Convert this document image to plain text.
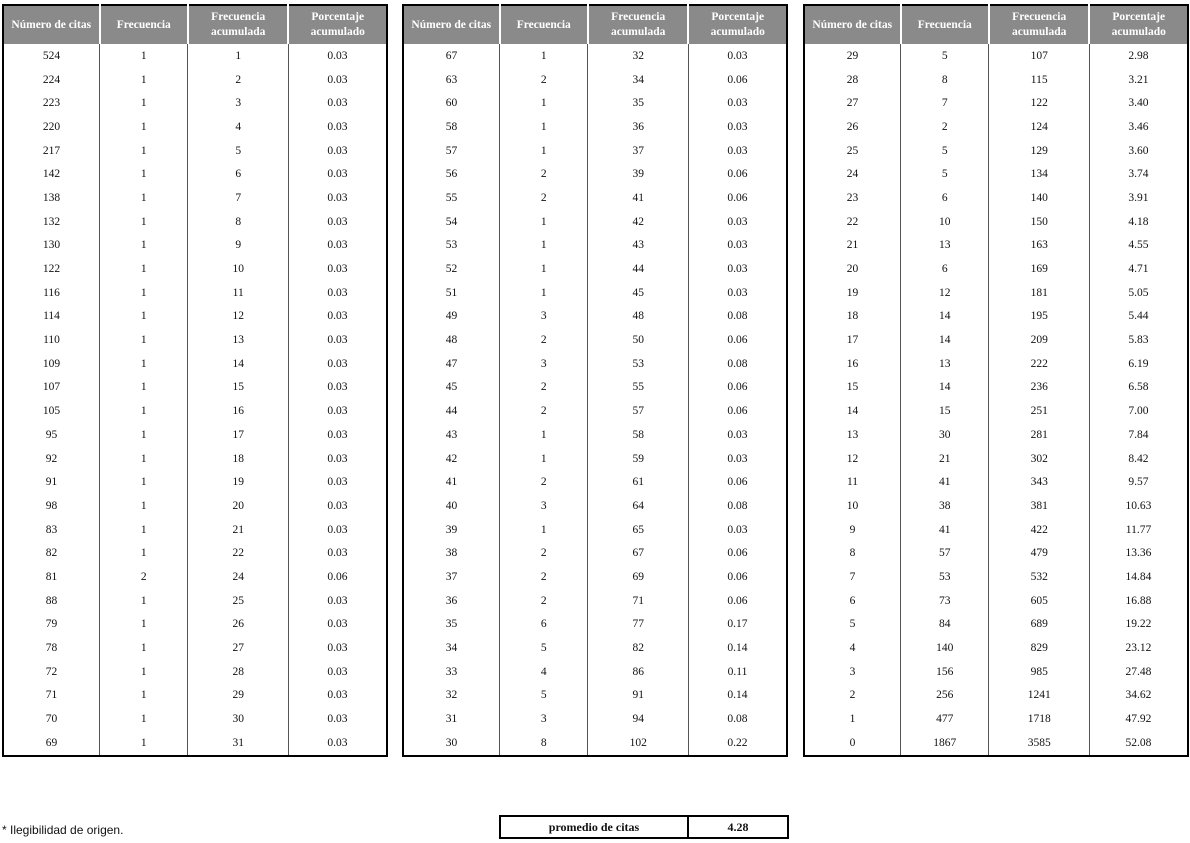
Número de citas	Frecuencia	Frecuencia acumulada	Porcentaje acumulado
524	1	1	0.03
224	1	2	0.03
223	1	3	0.03
220	1	4	0.03
217	1	5	0.03
142	1	6	0.03
138	1	7	0.03
132	1	8	0.03
130	1	9	0.03
122	1	10	0.03
116	1	11	0.03
114	1	12	0.03
110	1	13	0.03
109	1	14	0.03
107	1	15	0.03
105	1	16	0.03
95	1	17	0.03
92	1	18	0.03
91	1	19	0.03
98	1	20	0.03
83	1	21	0.03
82	1	22	0.03
81	2	24	0.06
88	1	25	0.03
79	1	26	0.03
78	1	27	0.03
72	1	28	0.03
71	1	29	0.03
70	1	30	0.03
69	1	31	0.03
Número de citas	Frecuencia	Frecuencia acumulada	Porcentaje acumulado
67	1	32	0.03
63	2	34	0.06
60	1	35	0.03
58	1	36	0.03
57	1	37	0.03
56	2	39	0.06
55	2	41	0.06
54	1	42	0.03
53	1	43	0.03
52	1	44	0.03
51	1	45	0.03
49	3	48	0.08
48	2	50	0.06
47	3	53	0.08
45	2	55	0.06
44	2	57	0.06
43	1	58	0.03
42	1	59	0.03
41	2	61	0.06
40	3	64	0.08
39	1	65	0.03
38	2	67	0.06
37	2	69	0.06
36	2	71	0.06
35	6	77	0.17
34	5	82	0.14
33	4	86	0.11
32	5	91	0.14
31	3	94	0.08
30	8	102	0.22
Número de citas	Frecuencia	Frecuencia acumulada	Porcentaje acumulado
29	5	107	2.98
28	8	115	3.21
27	7	122	3.40
26	2	124	3.46
25	5	129	3.60
24	5	134	3.74
23	6	140	3.91
22	10	150	4.18
21	13	163	4.55
20	6	169	4.71
19	12	181	5.05
18	14	195	5.44
17	14	209	5.83
16	13	222	6.19
15	14	236	6.58
14	15	251	7.00
13	30	281	7.84
12	21	302	8.42
11	41	343	9.57
10	38	381	10.63
9	41	422	11.77
8	57	479	13.36
7	53	532	14.84
6	73	605	16.88
5	84	689	19.22
4	140	829	23.12
3	156	985	27.48
2	256	1241	34.62
1	477	1718	47.92
0	1867	3585	52.08
* Ilegibilidad de origen.	promedio de citas	4.28
